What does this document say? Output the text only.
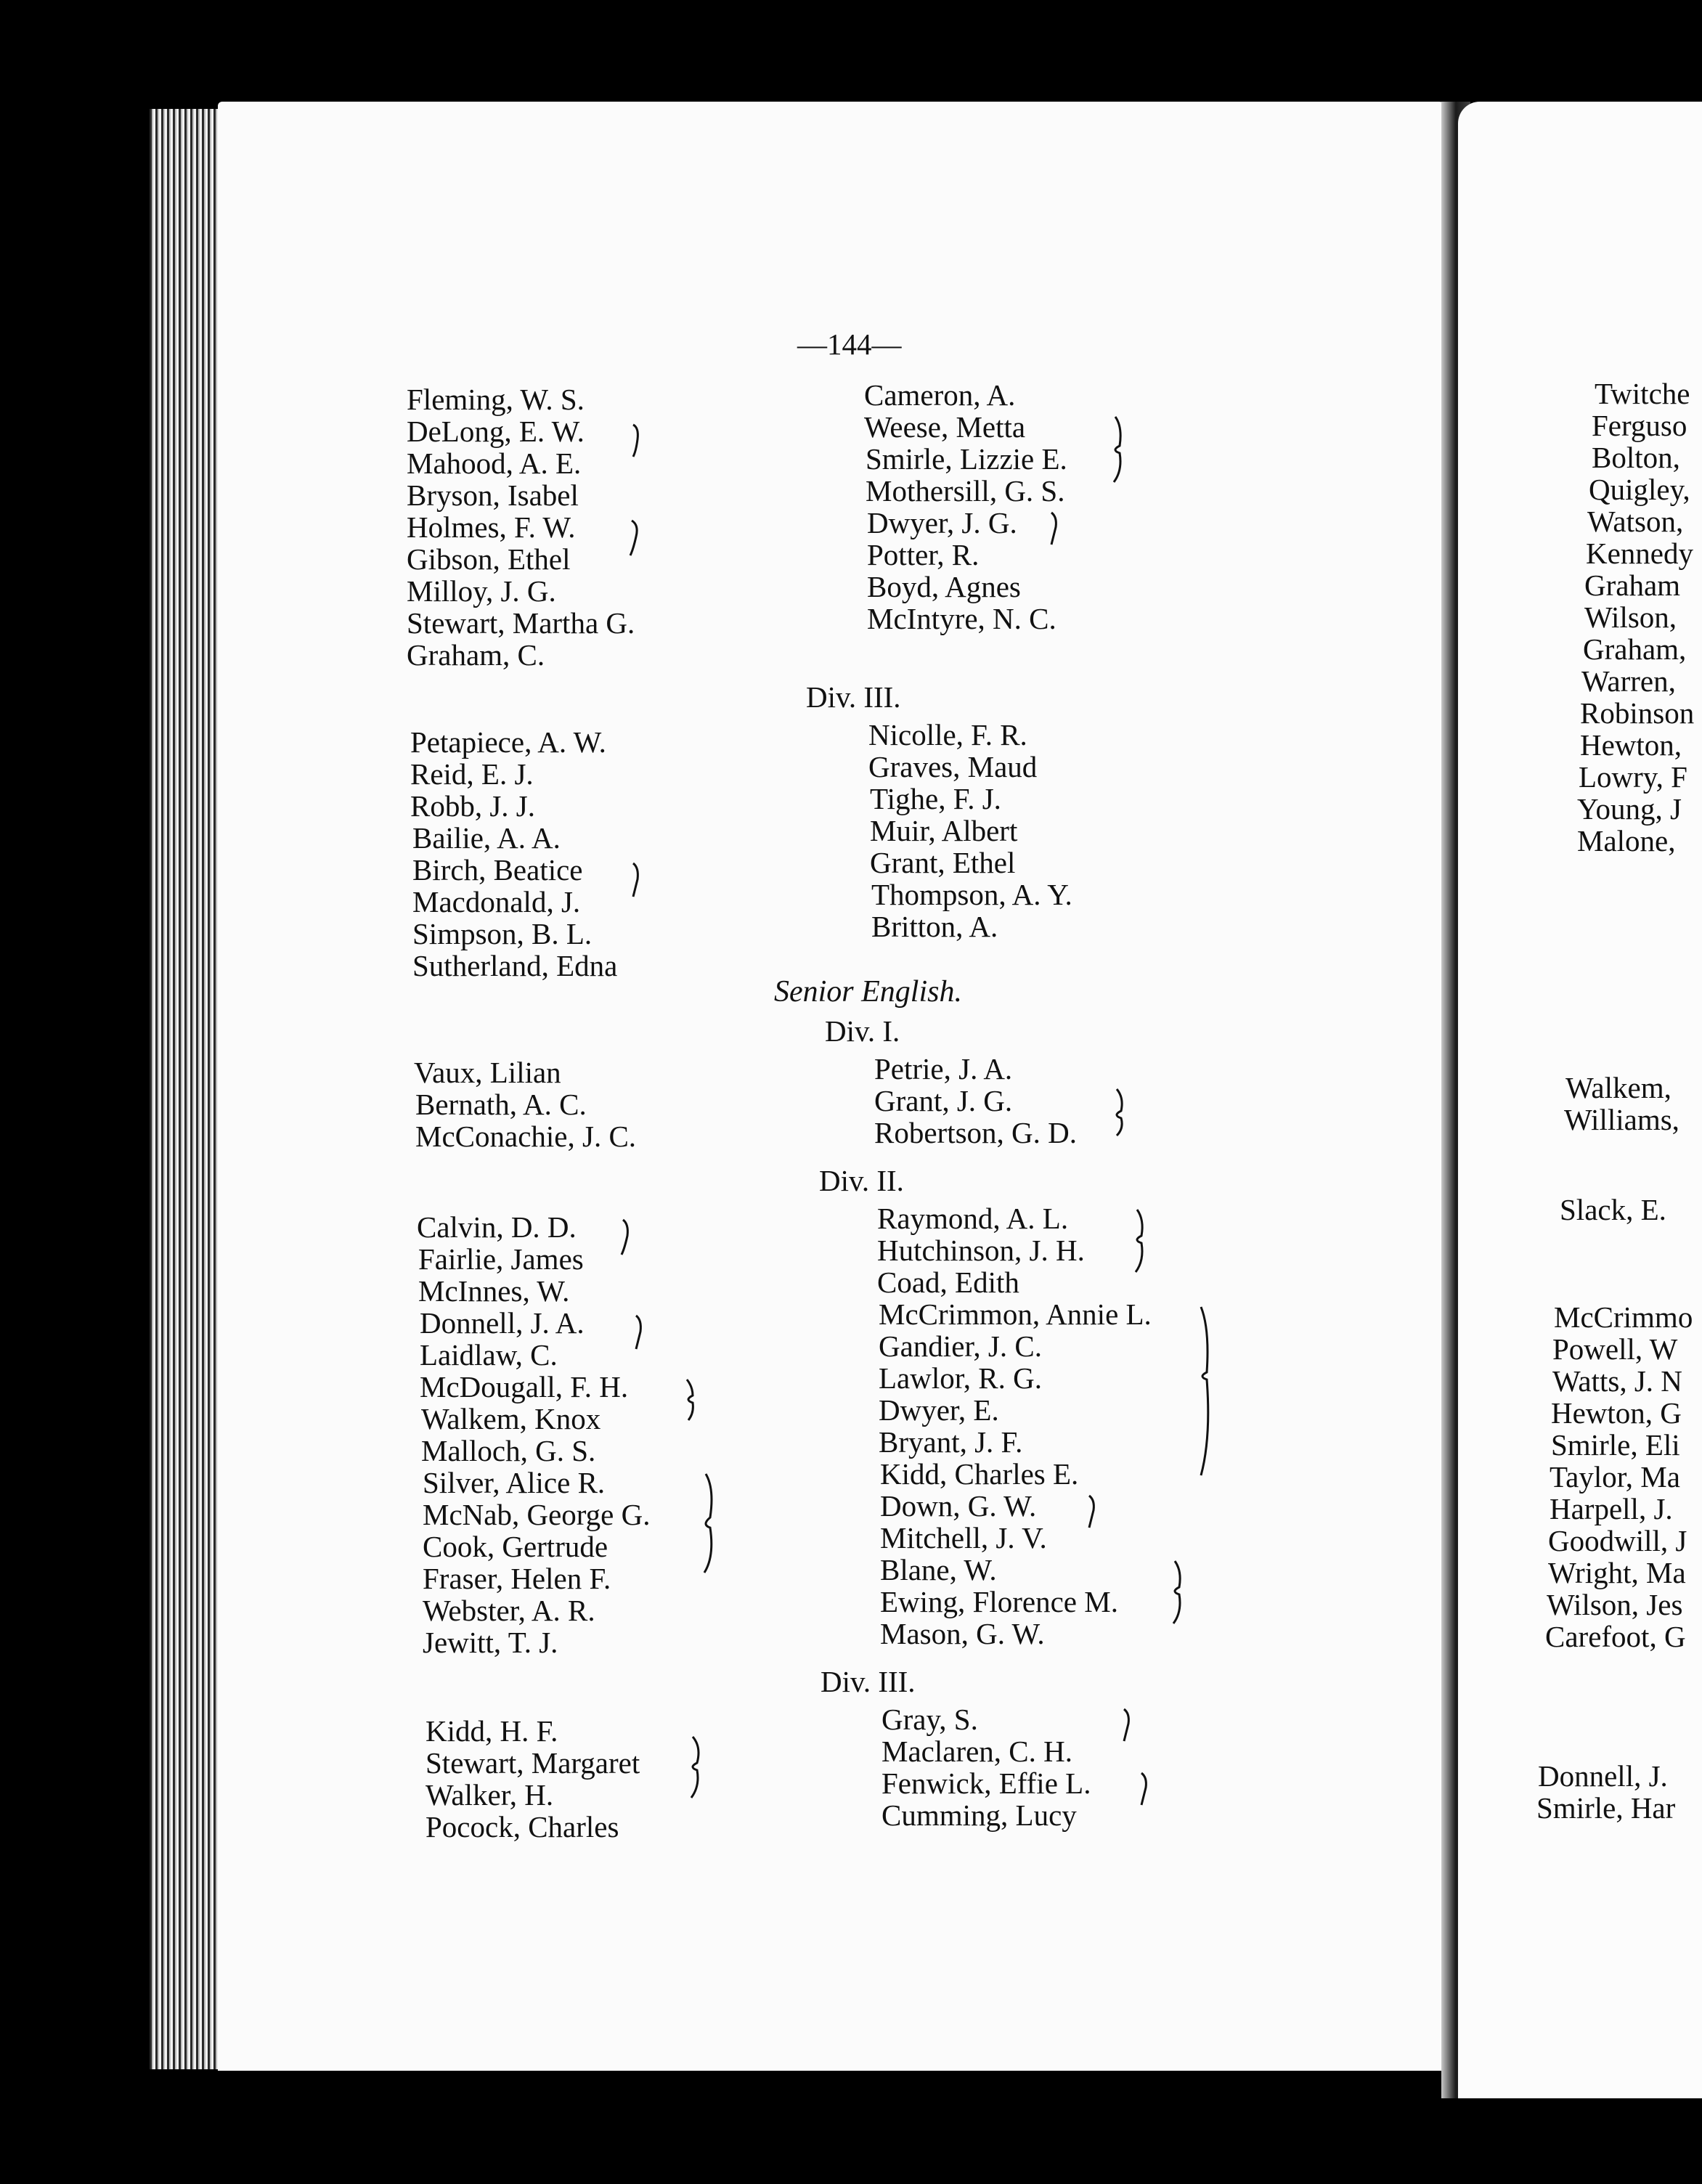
—144—
Fleming, W. S.
DeLong, E. W.
Mahood, A. E.
Bryson, Isabel
Holmes, F. W.
Gibson, Ethel
Milloy, J. G.
Stewart, Martha G.
Graham, C.
Petapiece, A. W.
Reid, E. J.
Robb, J. J.
Bailie, A. A.
Birch, Beatice
Macdonald, J.
Simpson, B. L.
Sutherland, Edna
Vaux, Lilian
Bernath, A. C.
McConachie, J. C.
Calvin, D. D.
Fairlie, James
McInnes, W.
Donnell, J. A.
Laidlaw, C.
McDougall, F. H.
Walkem, Knox
Malloch, G. S.
Silver, Alice R.
McNab, George G.
Cook, Gertrude
Fraser, Helen F.
Webster, A. R.
Jewitt, T. J.
Kidd, H. F.
Stewart, Margaret
Walker, H.
Pocock, Charles
Cameron, A.
Weese, Metta
Smirle, Lizzie E.
Mothersill, G. S.
Dwyer, J. G.
Potter, R.
Boyd, Agnes
McIntyre, N. C.
Div. III.
Nicolle, F. R.
Graves, Maud
Tighe, F. J.
Muir, Albert
Grant, Ethel
Thompson, A. Y.
Britton, A.
Senior English.
Div. I.
Petrie, J. A.
Grant, J. G.
Robertson, G. D.
Div. II.
Raymond, A. L.
Hutchinson, J. H.
Coad, Edith
McCrimmon, Annie L.
Gandier, J. C.
Lawlor, R. G.
Dwyer, E.
Bryant, J. F.
Kidd, Charles E.
Down, G. W.
Mitchell, J. V.
Blane, W.
Ewing, Florence M.
Mason, G. W.
Div. III.
Gray, S.
Maclaren, C. H.
Fenwick, Effie L.
Cumming, Lucy
Twitche
Ferguso
Bolton,
Quigley,
Watson,
Kennedy
Graham
Wilson,
Graham,
Warren,
Robinson
Hewton,
Lowry, F
Young, J
Malone,
Walkem,
Williams,
Slack, E.
McCrimmo
Powell, W
Watts, J. N
Hewton, G
Smirle, Eli
Taylor, Ma
Harpell, J.
Goodwill, J
Wright, Ma
Wilson, Jes
Carefoot, G
Donnell, J.
Smirle, Har
